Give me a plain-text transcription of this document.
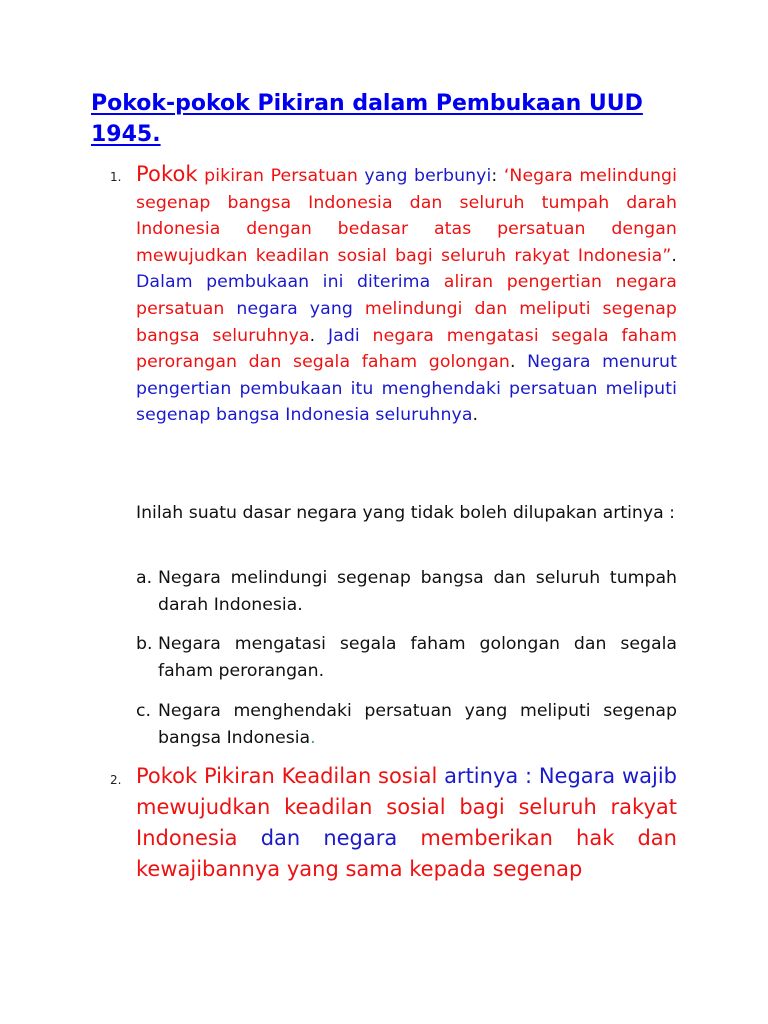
Pokok-pokok Pikiran dalam Pembukaan UUD 1945.
1. Pokok pikiran Persatuan yang berbunyi: ‘Negara melindungi segenap bangsa Indonesia dan seluruh tumpah darah Indonesia dengan bedasar atas persatuan dengan mewujudkan keadilan sosial bagi seluruh rakyat Indonesia”. Dalam pembukaan ini diterima aliran pengertian negara persatuan negara yang melindungi dan meliputi segenap bangsa seluruhnya. Jadi negara mengatasi segala faham perorangan dan segala faham golongan. Negara menurut pengertian pembukaan itu menghendaki persatuan meliputi segenap bangsa Indonesia seluruhnya.

Inilah suatu dasar negara yang tidak boleh dilupakan artinya :

a. Negara melindungi segenap bangsa dan seluruh tumpah darah Indonesia.
b. Negara mengatasi segala faham golongan dan segala faham perorangan.
c. Negara menghendaki persatuan yang meliputi segenap bangsa Indonesia.
2. Pokok Pikiran Keadilan sosial artinya : Negara wajib mewujudkan keadilan sosial bagi seluruh rakyat Indonesia dan negara memberikan hak dan kewajibannya yang sama kepada segenap
